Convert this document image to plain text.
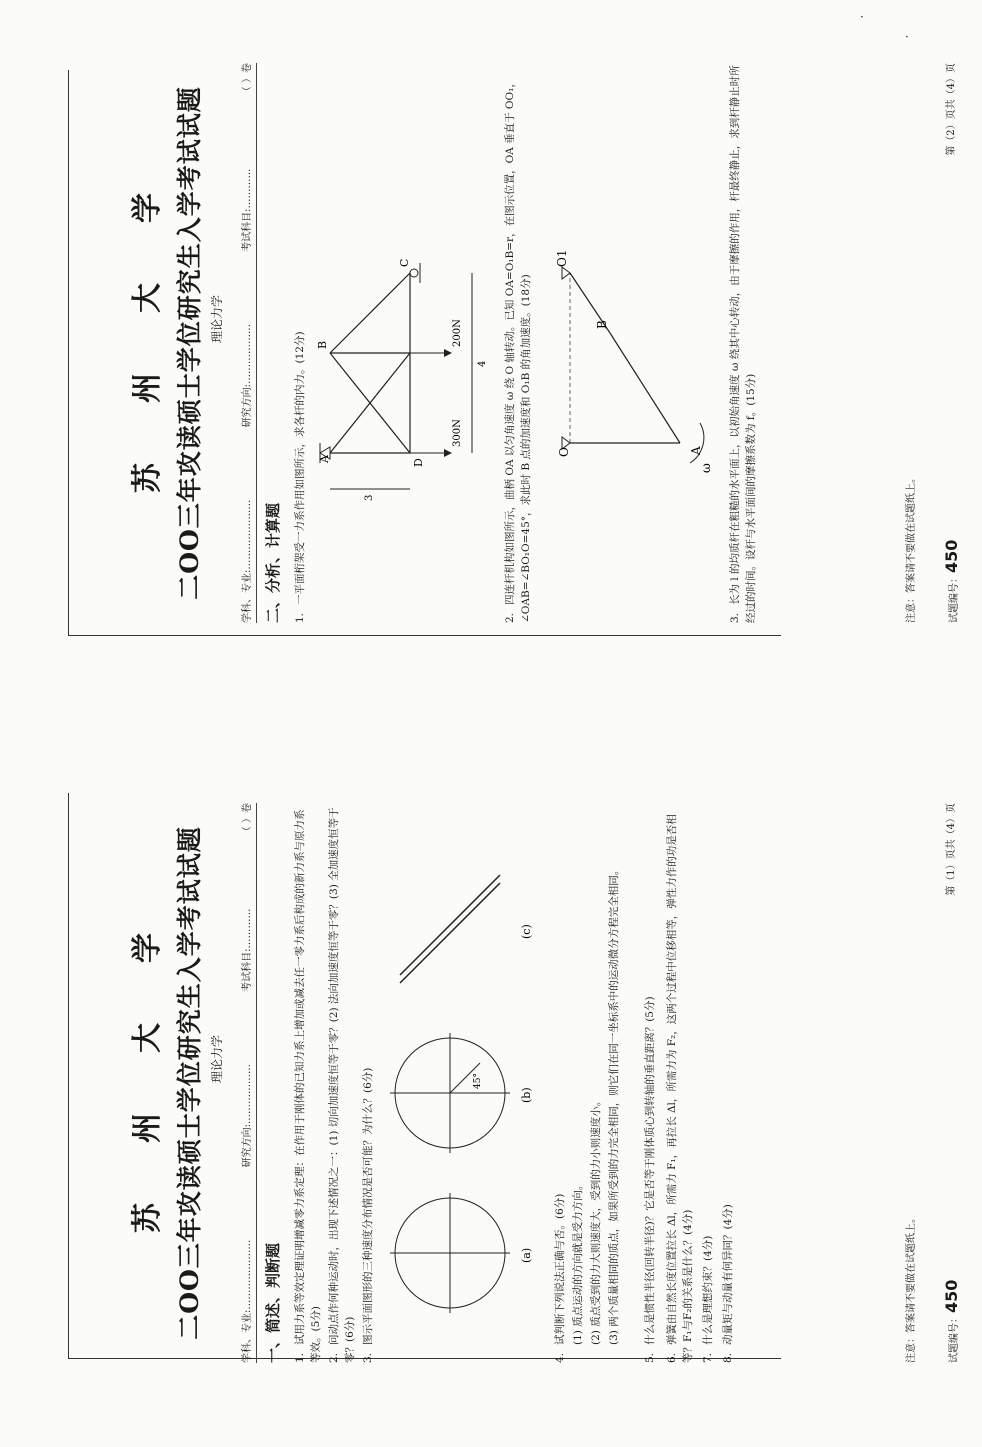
·
·
苏州大学 二OO三年攻读硕士学位研究生入学考试试题 理论力学
学科、专业:…………………
研究方向:………………
考试科目:…………
（ ）卷
二、分析、计算题 1.一平面桁架受一力系作用如图所示，求各杆的内力。(12分) A
B
C
D
200N
300N
3
4
2.四连杆机构如图所示，曲柄 OA 以匀角速度 ω 绕 O 轴转动。已知 OA=O₁B=r，在图示位置，OA 垂直于 OO₁，∠OAB=∠BO₁O=45°，求此时 B 点的加速度和 O₁B 的角加速度。(18分) O
O1
A
B
ω
3.长为 l 的均质杆在粗糙的水平面上，以初始角速度 ω 绕其中心转动，由于摩擦的作用，杆最终静止，求到杆静止时所经过的时间。设杆与水平面间的摩擦系数为 f。(15分)	注意：答案请不要做在试题纸上。	试题编号：450
第（2）页共（4）页
苏州大学 二OO三年攻读硕士学位研究生入学考试试题 理论力学
学科、专业:…………………
研究方向:………………
考试科目:…………
（ ）卷
一、简述、判断题 1.试用力系等效定理证明增减零力系定理：在作用于刚体的已知力系上增加或减去任一零力系后构成的新力系与原力系等效。(5分) 2.问动点作何种运动时，出现下述情况之一：(1) 切向加速度恒等于零？(2) 法向加速度恒等于零？(3) 全加速度恒等于零？(6分) 3.图示平面图形的三种速度分布情况是否可能？为什么？(6分)	45°
(a)
(b)
(c)
4.试判断下列说法正确与否。(6分) (1) 质点运动的方向就是受力方向。 (2) 质点受到的力大则速度大，受到的力小则速度小。 (3) 两个质量相同的质点，如果所受到的力完全相同，则它们在同一坐标系中的运动微分方程完全相同。
5.什么是惯性半径(回转半径)？它是否等于刚体质心到转轴的垂直距离？(5分)
6.弹簧由自然长度位置拉长 Δl，所需力 F₁，再拉长 Δl，所需力为 F₂，这两个过程中位移相等，弹性力作的功是否相等？F₁与F₂的关系是什么？(4分) 7.什么是理想约束？(4分)
8.动量矩与动量有何异同？(4分)	注意：答案请不要做在试题纸上。	试题编号：450
第（1）页共（4）页
